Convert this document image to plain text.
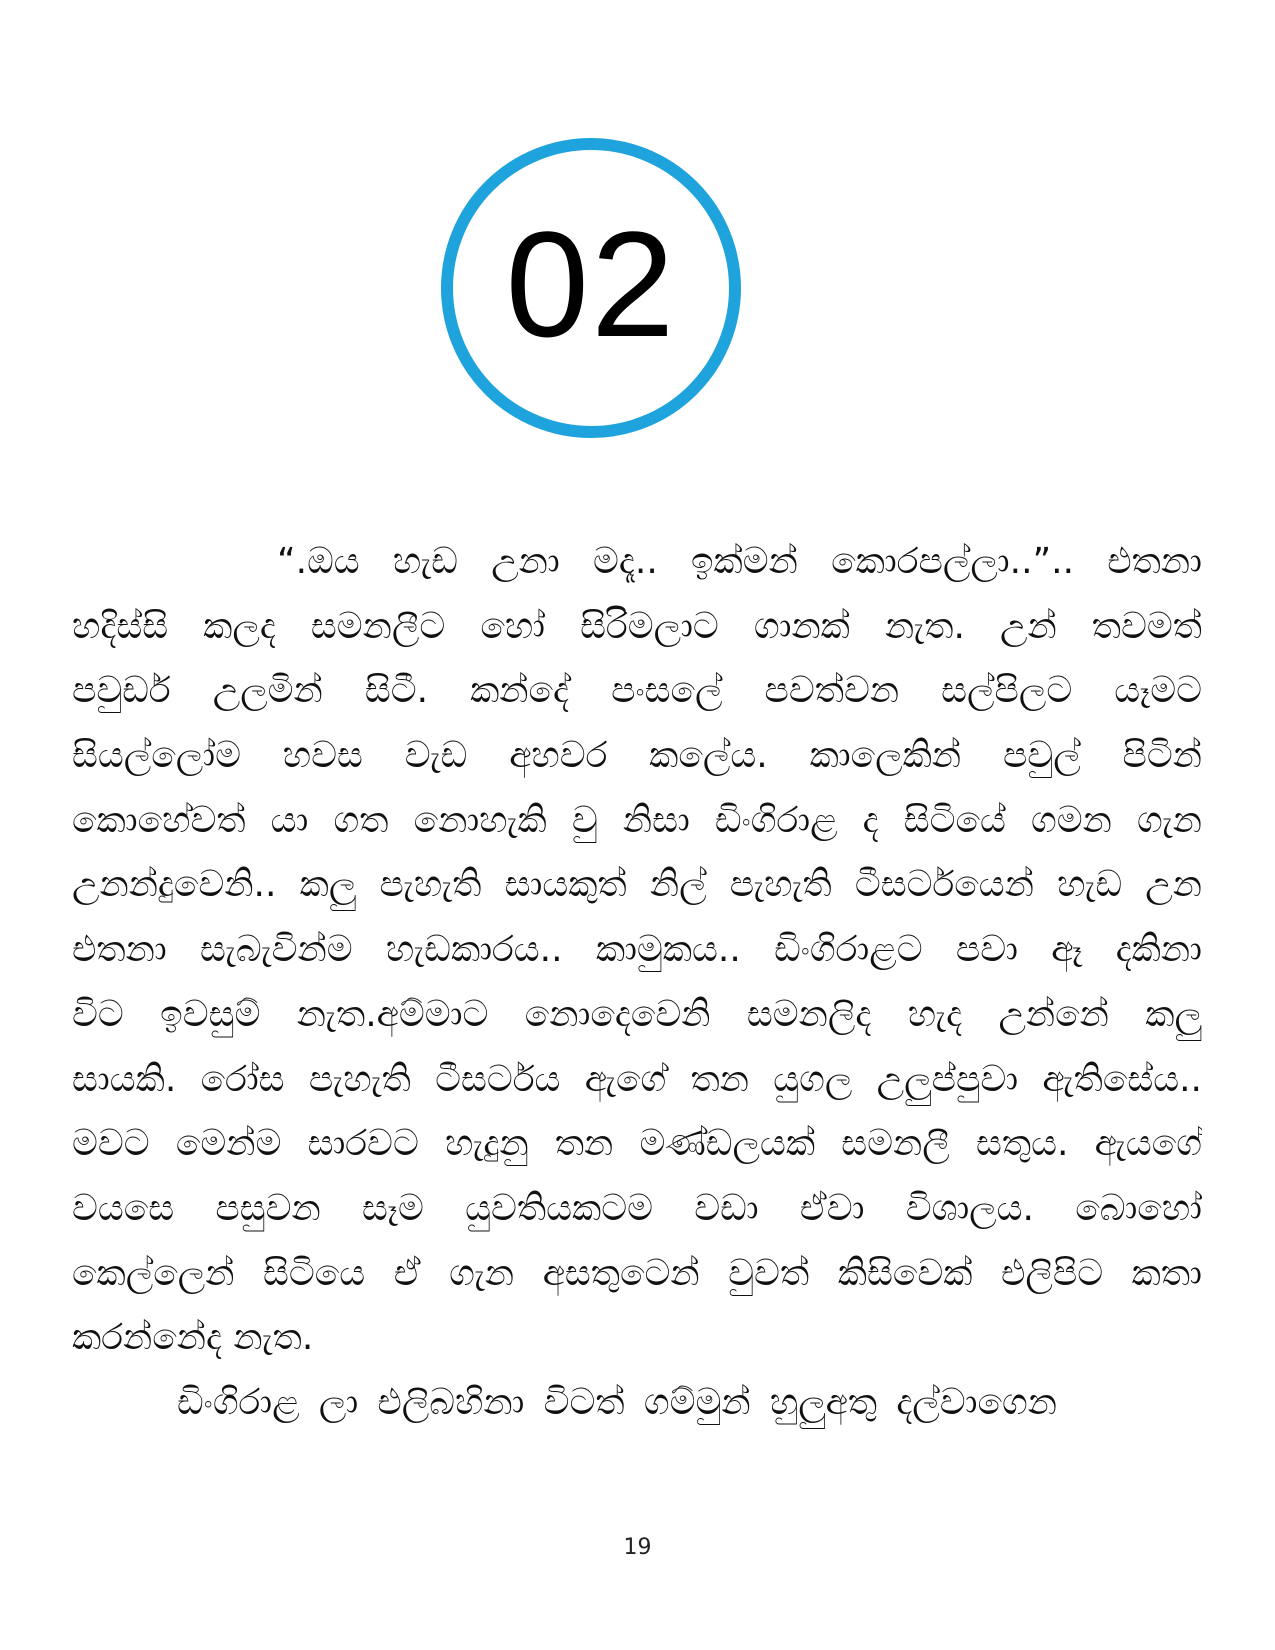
02
“.ඔය හැඩ උනා මදෑ.. ඉක්මන් කොරපල්ලා..”.. එතනා
හදිස්සි කලද සමනලීට හෝ සිරිමලාට ගානක් නැත. උන් තවමත්
පවුඩර් උලමින් සිටී. කන්දේ පංසලේ පවත්වන සල්පිලට යෑමට
සියල්ලෝම හවස වැඩ අහවර කලේය. කාලෙකින් පවුල් පිටින්
කොහේවත් යා ගත නොහැකි වු නිසා ඩිංගිරාළ ද සිටියේ ගමන ගැන
උනන්දුවෙනි.. කලු පැහැති සායකුත් නිල් පැහැති ටීසර්ටයෙන් හැඩ උන
එතනා සැබැවින්ම හැඩකාරය.. කාමුකය.. ඩිංගිරාළට පවා ඈ දකිනා
විට ඉවසුම් නැත.අම්මාට නොදෙවෙනි සමනලිද හැද උන්නේ කලු
සායකි. රෝස පැහැති ටීසර්ටය ඇගේ තන යුගල උලුප්පුවා ඇතිසේය..
මවට මෙන්ම සාරවට හැදුනු තන මණ්ඩලයක් සමනලී සතුය. ඇයගේ
වයසෙ පසුවන සෑම යුවතියකටම වඩා ඒවා විශාලය. බොහෝ
කෙල්ලෙන් සිටියෙ ඒ ගැන අසතුටෙන් වුවත් කිසිවෙක් එලිපිට කතා
කරන්නේද නැත.
ඩිංගිරාළ ලා එලිබහිනා විටත් ගම්මුන් හුලුඅතු දල්වාගෙන
19
